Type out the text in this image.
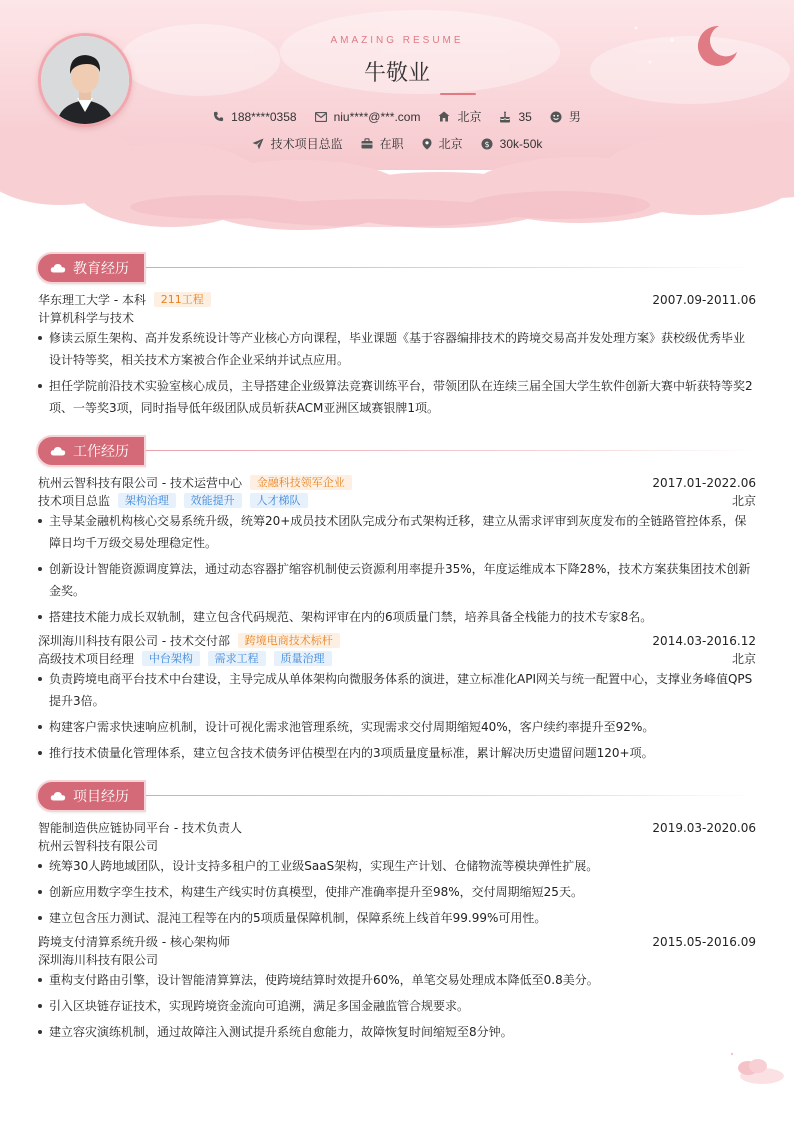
AMAZING RESUME
牛敬业
188****0358	niu****@***.com	北京	35	男
技术项目总监	在职	北京	$ 30k-50k
教育经历
华东理工大学 - 本科 211工程	2007.09-2011.06
计算机科学与技术
修读云原生架构、高并发系统设计等产业核心方向课程，毕业课题《基于容器编排技术的跨境交易高并发处理方案》获校级优秀毕业设计特等奖，相关技术方案被合作企业采纳并试点应用。
担任学院前沿技术实验室核心成员，主导搭建企业级算法竞赛训练平台，带领团队在连续三届全国大学生软件创新大赛中斩获特等奖2项、一等奖3项，同时指导低年级团队成员斩获ACM亚洲区域赛银牌1项。
工作经历
杭州云智科技有限公司 - 技术运营中心 金融科技领军企业	2017.01-2022.06
技术项目总监 架构治理 效能提升 人才梯队	北京
主导某金融机构核心交易系统升级，统筹20+成员技术团队完成分布式架构迁移，建立从需求评审到灰度发布的全链路管控体系，保障日均千万级交易处理稳定性。
创新设计智能资源调度算法，通过动态容器扩缩容机制使云资源利用率提升35%，年度运维成本下降28%，技术方案获集团技术创新金奖。
搭建技术能力成长双轨制，建立包含代码规范、架构评审在内的6项质量门禁，培养具备全栈能力的技术专家8名。
深圳海川科技有限公司 - 技术交付部 跨境电商技术标杆	2014.03-2016.12
高级技术项目经理 中台架构 需求工程 质量治理	北京
负责跨境电商平台技术中台建设，主导完成从单体架构向微服务体系的演进，建立标准化API网关与统一配置中心，支撑业务峰值QPS提升3倍。
构建客户需求快速响应机制，设计可视化需求池管理系统，实现需求交付周期缩短40%，客户续约率提升至92%。
推行技术债量化管理体系，建立包含技术债务评估模型在内的3项质量度量标准，累计解决历史遗留问题120+项。
项目经历
智能制造供应链协同平台 - 技术负责人	2019.03-2020.06
杭州云智科技有限公司
统筹30人跨地域团队，设计支持多租户的工业级SaaS架构，实现生产计划、仓储物流等模块弹性扩展。
创新应用数字孪生技术，构建生产线实时仿真模型，使排产准确率提升至98%，交付周期缩短25天。
建立包含压力测试、混沌工程等在内的5项质量保障机制，保障系统上线首年99.99%可用性。
跨境支付清算系统升级 - 核心架构师	2015.05-2016.09
深圳海川科技有限公司
重构支付路由引擎，设计智能清算算法，使跨境结算时效提升60%，单笔交易处理成本降低至0.8美分。
引入区块链存证技术，实现跨境资金流向可追溯，满足多国金融监管合规要求。
建立容灾演练机制，通过故障注入测试提升系统自愈能力，故障恢复时间缩短至8分钟。
